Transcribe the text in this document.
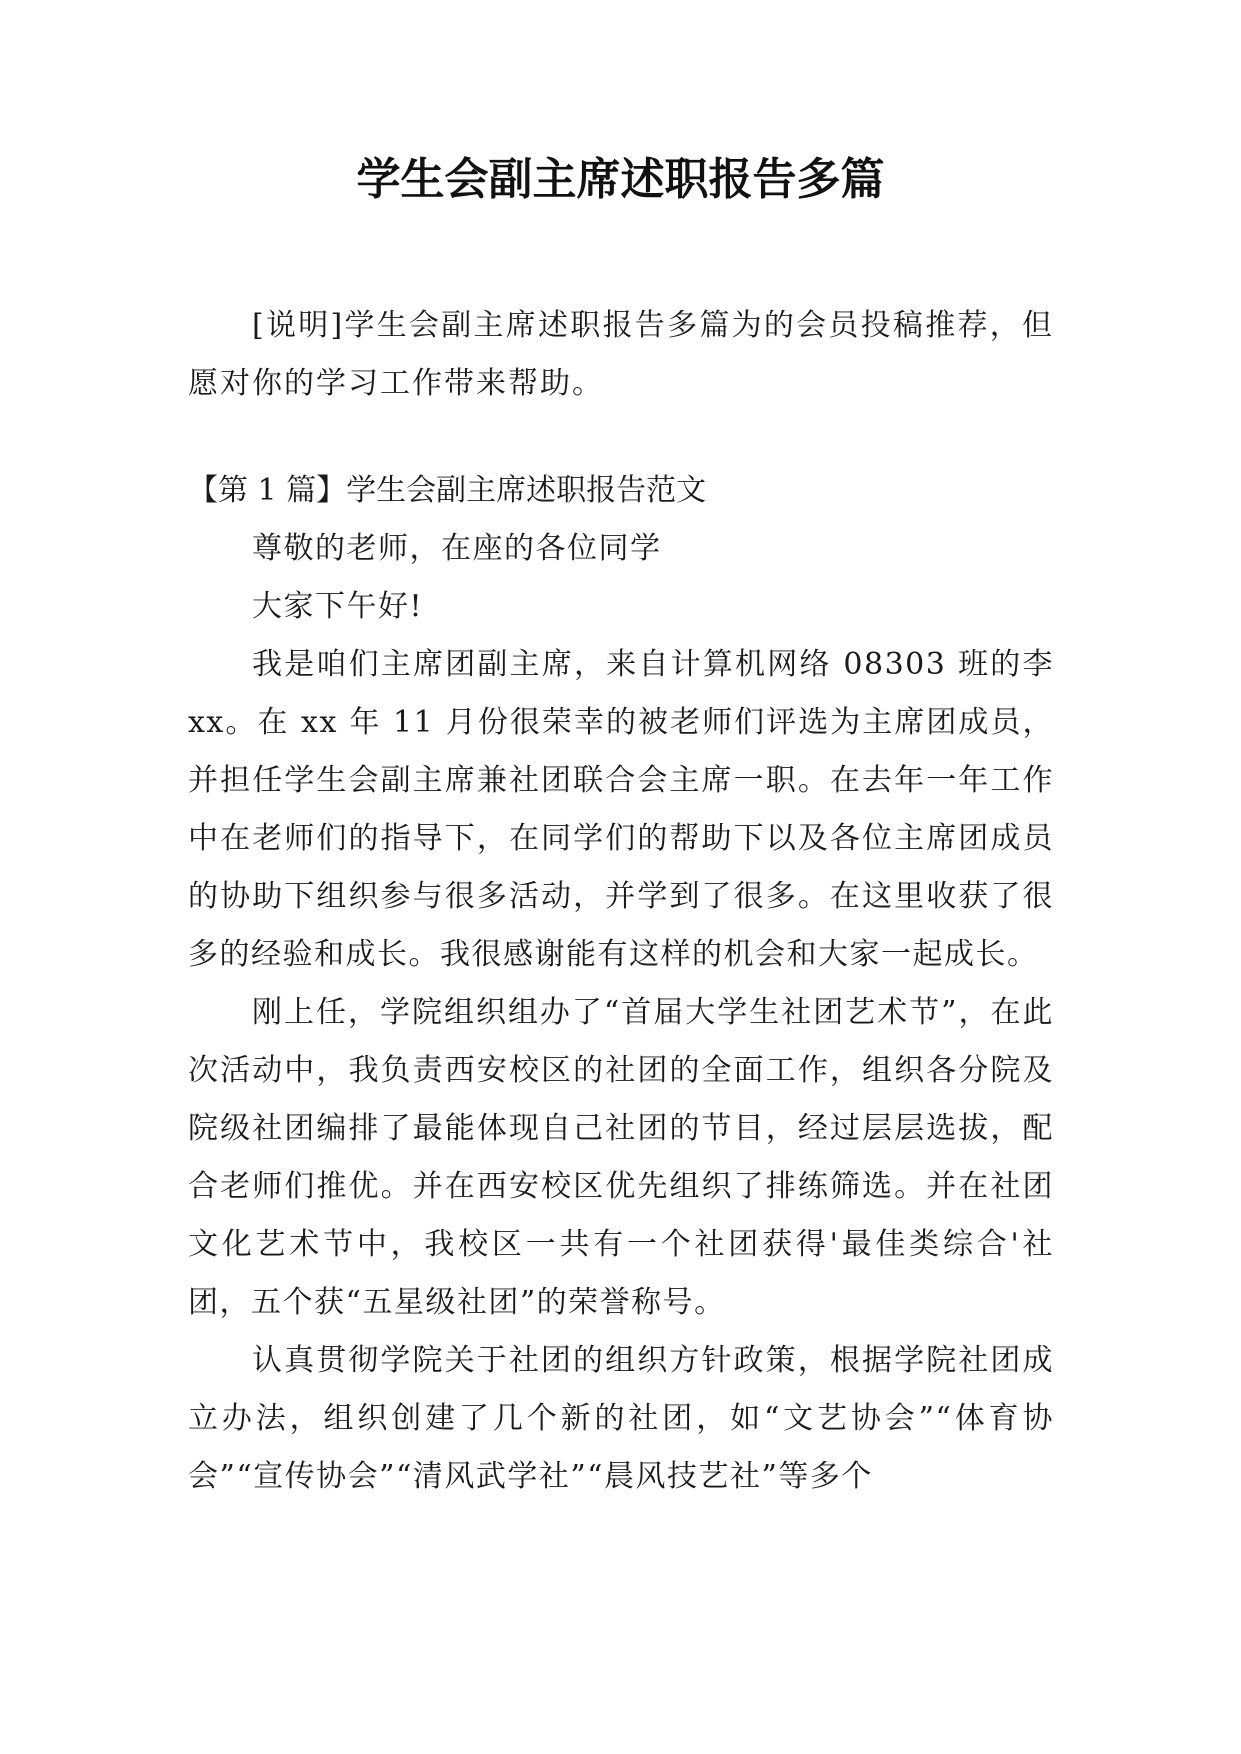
学生会副主席述职报告多篇

[说明]学生会副主席述职报告多篇为的会员投稿推荐，但愿对你的学习工作带来帮助。

【第 1 篇】学生会副主席述职报告范文

尊敬的老师，在座的各位同学

大家下午好!

我是咱们主席团副主席，来自计算机网络 08303 班的李 xx。在 xx 年 11 月份很荣幸的被老师们评选为主席团成员，并担任学生会副主席兼社团联合会主席一职。在去年一年工作中在老师们的指导下，在同学们的帮助下以及各位主席团成员的协助下组织参与很多活动，并学到了很多。在这里收获了很多的经验和成长。我很感谢能有这样的机会和大家一起成长。

刚上任，学院组织组办了“首届大学生社团艺术节”，在此次活动中，我负责西安校区的社团的全面工作，组织各分院及院级社团编排了最能体现自己社团的节目，经过层层选拔，配合老师们推优。并在西安校区优先组织了排练筛选。并在社团文化艺术节中，我校区一共有一个社团获得'最佳类综合'社团，五个获“五星级社团”的荣誉称号。

认真贯彻学院关于社团的组织方针政策，根据学院社团成立办法，组织创建了几个新的社团，如“文艺协会”“体育协会”“宣传协会”“清风武学社”“晨风技艺社”等多个
